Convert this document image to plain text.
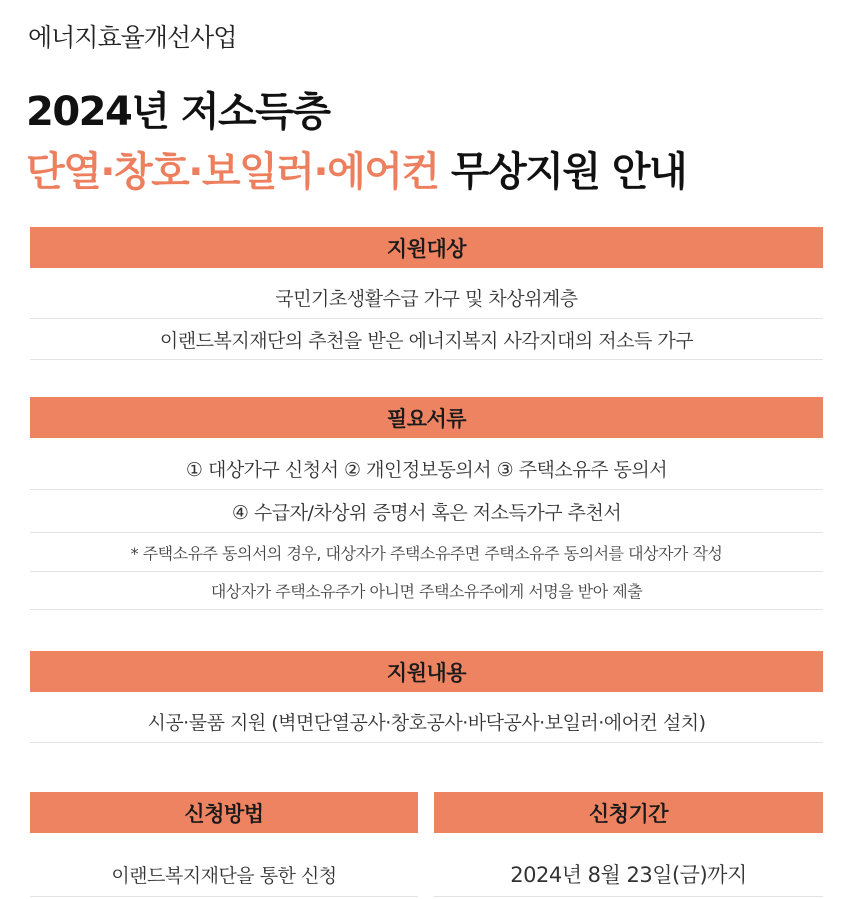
에너지효율개선사업
2024년 저소득층
단열·창호·보일러·에어컨 무상지원 안내
지원대상
국민기초생활수급 가구 및 차상위계층
이랜드복지재단의 추천을 받은 에너지복지 사각지대의 저소득 가구
필요서류
① 대상가구 신청서 ② 개인정보동의서 ③ 주택소유주 동의서
④ 수급자/차상위 증명서 혹은 저소득가구 추천서
* 주택소유주 동의서의 경우, 대상자가 주택소유주면 주택소유주 동의서를 대상자가 작성
대상자가 주택소유주가 아니면 주택소유주에게 서명을 받아 제출
지원내용
시공·물품 지원 (벽면단열공사·창호공사·바닥공사·보일러·에어컨 설치)
신청방법	신청기간
이랜드복지재단을 통한 신청	2024년 8월 23일(금)까지
